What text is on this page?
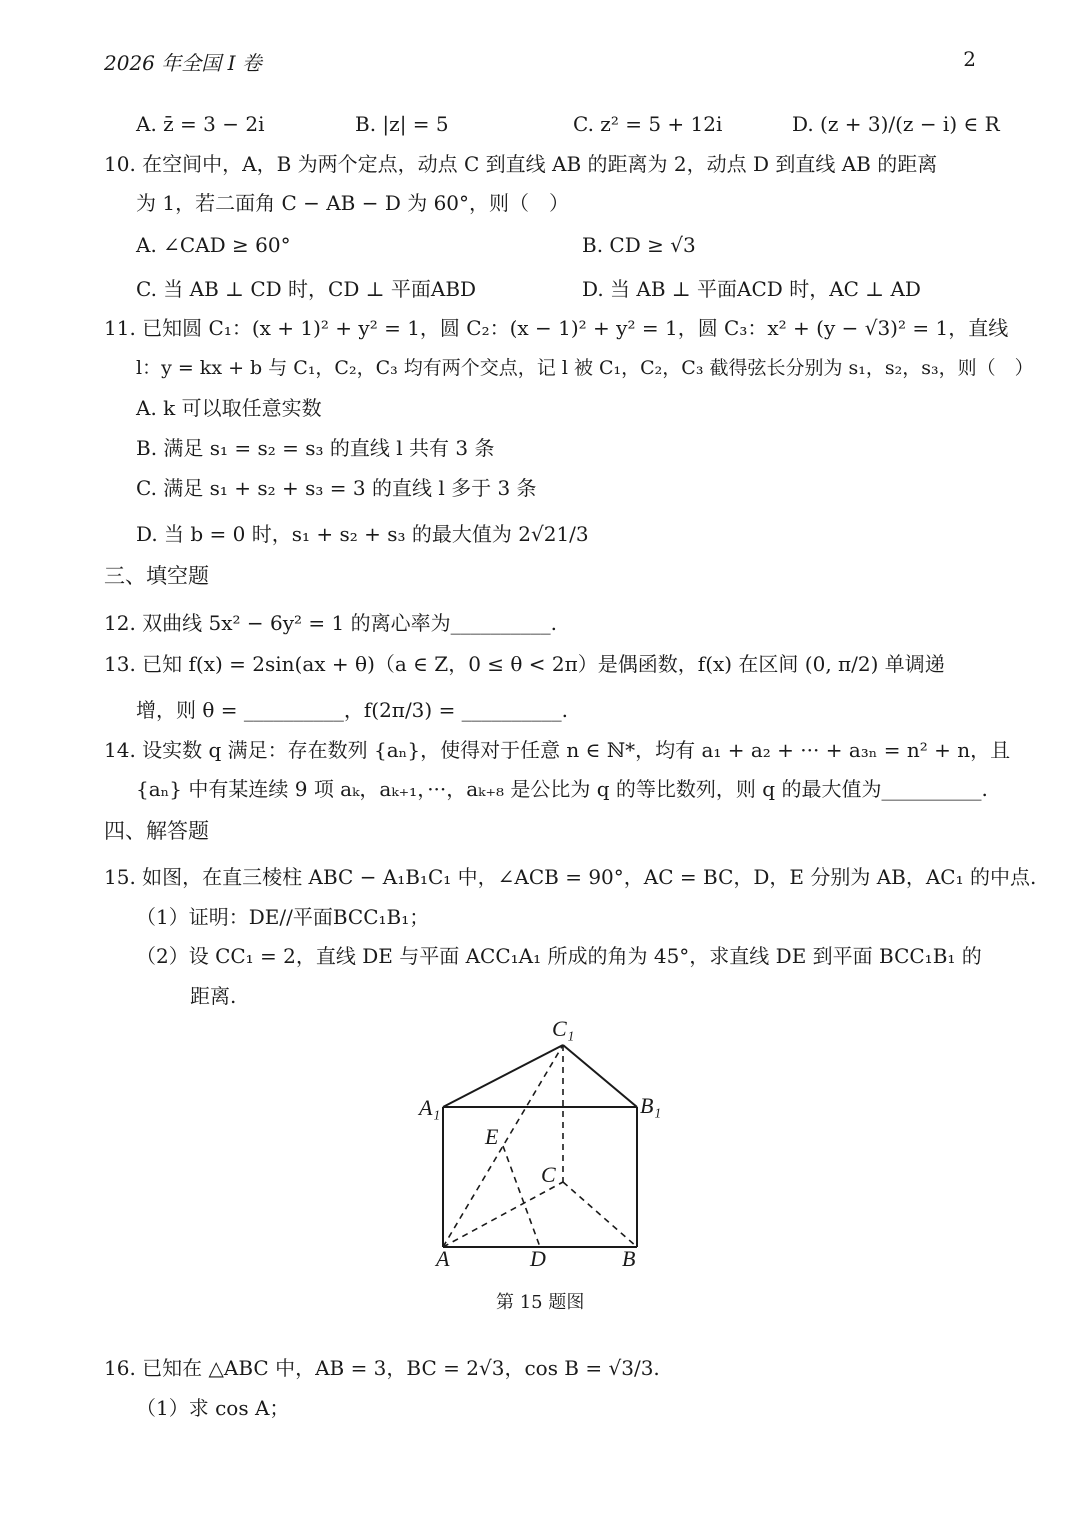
2026 年全国 I 卷	2
A. z̄ = 3 − 2i	B. |z| = 5	C. z² = 5 + 12i	D. (z + 3)/(z − i) ∈ R
10. 在空间中，A，B 为两个定点，动点 C 到直线 AB 的距离为 2，动点 D 到直线 AB 的距离
为 1，若二面角 C − AB − D 为 60°，则（　）
A. ∠CAD ≥ 60°	B. CD ≥ √3
C. 当 AB ⊥ CD 时，CD ⊥ 平面ABD	D. 当 AB ⊥ 平面ACD 时，AC ⊥ AD
11. 已知圆 C₁：(x + 1)² + y² = 1，圆 C₂：(x − 1)² + y² = 1，圆 C₃：x² + (y − √3)² = 1，直线
l：y = kx + b 与 C₁，C₂，C₃ 均有两个交点，记 l 被 C₁，C₂，C₃ 截得弦长分别为 s₁，s₂，s₃，则（　）
A. k 可以取任意实数
B. 满足 s₁ = s₂ = s₃ 的直线 l 共有 3 条
C. 满足 s₁ + s₂ + s₃ = 3 的直线 l 多于 3 条
D. 当 b = 0 时，s₁ + s₂ + s₃ 的最大值为 2√21/3
三、填空题
12. 双曲线 5x² − 6y² = 1 的离心率为__________.
13. 已知 f(x) = 2sin(ax + θ)（a ∈ Z，0 ≤ θ < 2π）是偶函数，f(x) 在区间 (0, π/2) 单调递
增，则 θ = __________，f(2π/3) = __________.
14. 设实数 q 满足：存在数列 {aₙ}，使得对于任意 n ∈ ℕ*，均有 a₁ + a₂ + ··· + a₃ₙ = n² + n，且
{aₙ} 中有某连续 9 项 aₖ，aₖ₊₁，···，aₖ₊₈ 是公比为 q 的等比数列，则 q 的最大值为__________.
四、解答题
15. 如图，在直三棱柱 ABC − A₁B₁C₁ 中，∠ACB = 90°，AC = BC，D，E 分别为 AB，AC₁ 的中点.
（1）证明：DE//平面BCC₁B₁；
（2）设 CC₁ = 2，直线 DE 与平面 ACC₁A₁ 所成的角为 45°，求直线 DE 到平面 BCC₁B₁ 的
距离.
C₁
A₁	B₁
E
C
A	D	B
第 15 题图
16. 已知在 △ABC 中，AB = 3，BC = 2√3，cos B = √3/3.
（1）求 cos A；
